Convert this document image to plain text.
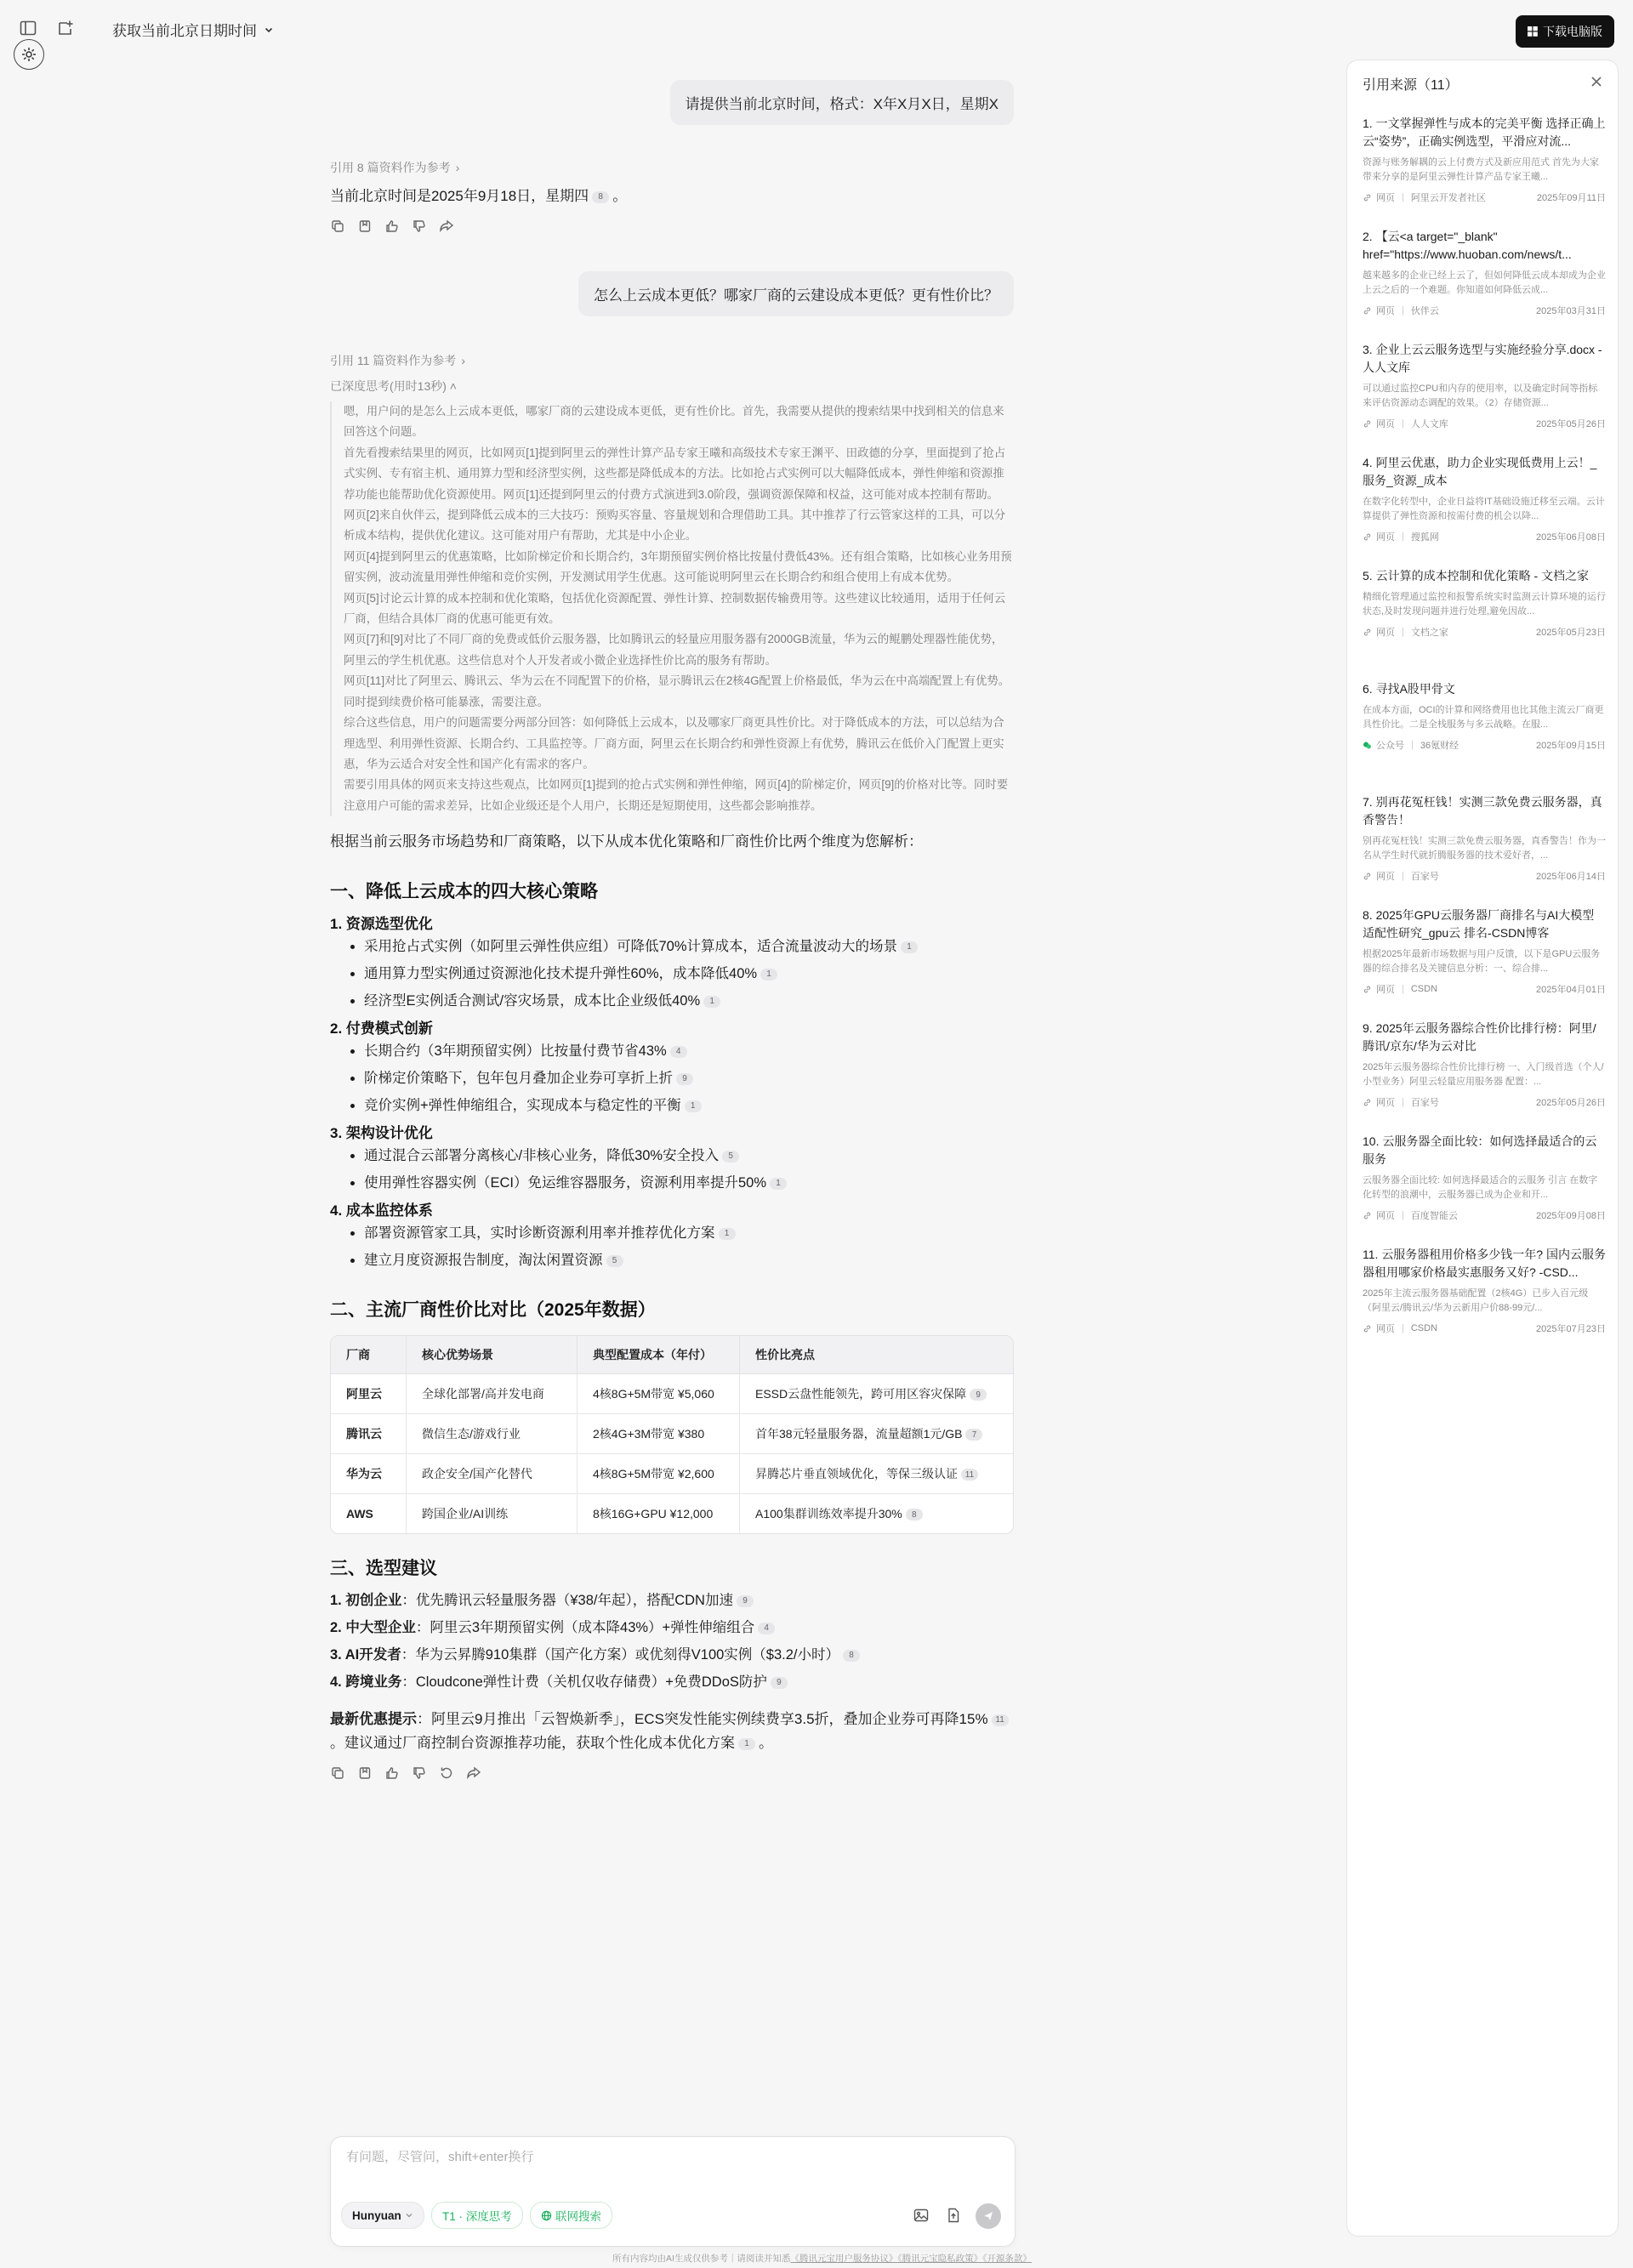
获取当前北京日期时间	下载电脑版
请提供当前北京时间，格式：X年X月X日，星期X
引用 8 篇资料作为参考 ›
当前北京时间是2025年9月18日，星期四 8 。
怎么上云成本更低？哪家厂商的云建设成本更低？更有性价比？
引用 11 篇资料作为参考 ›
已深度思考(用时13秒) ˄

嗯，用户问的是怎么上云成本更低，哪家厂商的云建设成本更低，更有性价比。首先，我需要从提供的搜索结果中找到相关的信息来回答这个问题。

首先看搜索结果里的网页，比如网页[1]提到阿里云的弹性计算产品专家王曦和高级技术专家王渊平、田政德的分享，里面提到了抢占式实例、专有宿主机、通用算力型和经济型实例，这些都是降低成本的方法。比如抢占式实例可以大幅降低成本，弹性伸缩和资源推荐功能也能帮助优化资源使用。网页[1]还提到阿里云的付费方式演进到3.0阶段，强调资源保障和权益，这可能对成本控制有帮助。

网页[2]来自伙伴云，提到降低云成本的三大技巧：预购买容量、容量规划和合理借助工具。其中推荐了行云管家这样的工具，可以分析成本结构，提供优化建议。这可能对用户有帮助，尤其是中小企业。

网页[4]提到阿里云的优惠策略，比如阶梯定价和长期合约，3年期预留实例价格比按量付费低43%。还有组合策略，比如核心业务用预留实例，波动流量用弹性伸缩和竞价实例，开发测试用学生优惠。这可能说明阿里云在长期合约和组合使用上有成本优势。

网页[5]讨论云计算的成本控制和优化策略，包括优化资源配置、弹性计算、控制数据传输费用等。这些建议比较通用，适用于任何云厂商，但结合具体厂商的优惠可能更有效。

网页[7]和[9]对比了不同厂商的免费或低价云服务器，比如腾讯云的轻量应用服务器有2000GB流量，华为云的鲲鹏处理器性能优势，阿里云的学生机优惠。这些信息对个人开发者或小微企业选择性价比高的服务有帮助。

网页[11]对比了阿里云、腾讯云、华为云在不同配置下的价格，显示腾讯云在2核4G配置上价格最低，华为云在中高端配置上有优势。同时提到续费价格可能暴涨，需要注意。

综合这些信息，用户的问题需要分两部分回答：如何降低上云成本，以及哪家厂商更具性价比。对于降低成本的方法，可以总结为合理选型、利用弹性资源、长期合约、工具监控等。厂商方面，阿里云在长期合约和弹性资源上有优势，腾讯云在低价入门配置上更实惠，华为云适合对安全性和国产化有需求的客户。

需要引用具体的网页来支持这些观点，比如网页[1]提到的抢占式实例和弹性伸缩，网页[4]的阶梯定价，网页[9]的价格对比等。同时要注意用户可能的需求差异，比如企业级还是个人用户，长期还是短期使用，这些都会影响推荐。

根据当前云服务市场趋势和厂商策略，以下从成本优化策略和厂商性价比两个维度为您解析：
一、降低上云成本的四大核心策略
1. 资源选型优化
• 采用抢占式实例（如阿里云弹性供应组）可降低70%计算成本，适合流量波动大的场景 1
• 通用算力型实例通过资源池化技术提升弹性60%，成本降低40% 1
• 经济型E实例适合测试/容灾场景，成本比企业级低40% 1
2. 付费模式创新
• 长期合约（3年期预留实例）比按量付费节省43% 4
• 阶梯定价策略下，包年包月叠加企业券可享折上折 9
• 竞价实例+弹性伸缩组合，实现成本与稳定性的平衡 1
3. 架构设计优化
• 通过混合云部署分离核心/非核心业务，降低30%安全投入 5
• 使用弹性容器实例（ECI）免运维容器服务，资源利用率提升50% 1
4. 成本监控体系
• 部署资源管家工具，实时诊断资源利用率并推荐优化方案 1
• 建立月度资源报告制度，淘汰闲置资源 5
二、主流厂商性价比对比（2025年数据）
厂商	核心优势场景	典型配置成本（年付）	性价比亮点
阿里云	全球化部署/高并发电商	4核8G+5M带宽 ¥5,060	ESSD云盘性能领先，跨可用区容灾保障 9
腾讯云	微信生态/游戏行业	2核4G+3M带宽 ¥380	首年38元轻量服务器，流量超额1元/GB 7
华为云	政企安全/国产化替代	4核8G+5M带宽 ¥2,600	昇腾芯片垂直领域优化，等保三级认证 11
AWS	跨国企业/AI训练	8核16G+GPU ¥12,000	A100集群训练效率提升30% 8
三、选型建议
1. 初创企业：优先腾讯云轻量服务器（¥38/年起），搭配CDN加速 9
2. 中大型企业：阿里云3年期预留实例（成本降43%）+弹性伸缩组合 4
3. AI开发者：华为云昇腾910集群（国产化方案）或优刻得V100实例（$3.2/小时） 8
4. 跨境业务：Cloudcone弹性计费（关机仅收存储费）+免费DDoS防护 9
最新优惠提示：阿里云9月推出「云智焕新季」，ECS突发性能实例续费享3.5折，叠加企业券可再降15% 11。建议通过厂商控制台资源推荐功能，获取个性化成本优化方案 1 。
有问题，尽管问，shift+enter换行
Hunyuan	T1 · 深度思考	联网搜索
所有内容均由AI生成仅供参考｜请阅读并知悉《腾讯元宝用户服务协议》《腾讯元宝隐私政策》《开源条款》
引用来源（11）
1. 一文掌握弹性与成本的完美平衡 选择正确上云“姿势”，正确实例选型，平滑应对流...
资源与账务解耦的云上付费方式及新应用范式 首先为大家带来分享的是阿里云弹性计算产品专家王曦...
网页 | 阿里云开发者社区	2025年09月11日
2. 【云<a target="_blank" href="https://www.huoban.com/news/t...
越来越多的企业已经上云了，但如何降低云成本却成为企业上云之后的一个难题。你知道如何降低云成...
网页 | 伙伴云	2025年03月31日
3. 企业上云云服务选型与实施经验分享.docx - 人人文库
可以通过监控CPU和内存的使用率，以及确定时间等指标来评估资源动态调配的效果。（2）存储资源...
网页 | 人人文库	2025年05月26日
4. 阿里云优惠，助力企业实现低费用上云！_服务_资源_成本
在数字化转型中，企业日益将IT基础设施迁移至云端。云计算提供了弹性资源和按需付费的机会以降...
网页 | 搜狐网	2025年06月08日
5. 云计算的成本控制和优化策略 - 文档之家
精细化管理通过监控和报警系统实时监测云计算环境的运行状态,及时发现问题并进行处理,避免因故...
网页 | 文档之家	2025年05月23日
6. 寻找A股甲骨文
在成本方面，OCI的计算和网络费用也比其他主流云厂商更具性价比。二是全栈服务与多云战略。在服...
公众号 | 36氪财经	2025年09月15日
7. 别再花冤枉钱！实测三款免费云服务器，真香警告！
别再花冤枉钱！实测三款免费云服务器，真香警告！作为一名从学生时代就折腾服务器的技术爱好者，...
网页 | 百家号	2025年06月14日
8. 2025年GPU云服务器厂商排名与AI大模型适配性研究_gpu云 排名-CSDN博客
根据2025年最新市场数据与用户反馈，以下是GPU云服务器的综合排名及关键信息分析：一、综合排...
网页 | CSDN	2025年04月01日
9. 2025年云服务器综合性价比排行榜：阿里/腾讯/京东/华为云对比
2025年云服务器综合性价比排行榜 一、入门级首选（个人/小型业务）阿里云轻量应用服务器 配置：...
网页 | 百家号	2025年05月26日
10. 云服务器全面比较：如何选择最适合的云服务
云服务器全面比较: 如何选择最适合的云服务 引言 在数字化转型的浪潮中，云服务器已成为企业和开...
网页 | 百度智能云	2025年09月08日
11. 云服务器租用价格多少钱一年? 国内云服务器租用哪家价格最实惠服务又好? -CSD...
2025年主流云服务器基础配置（2核4G）已步入百元级（阿里云/腾讯云/华为云新用户价88-99元/...
网页 | CSDN	2025年07月23日
